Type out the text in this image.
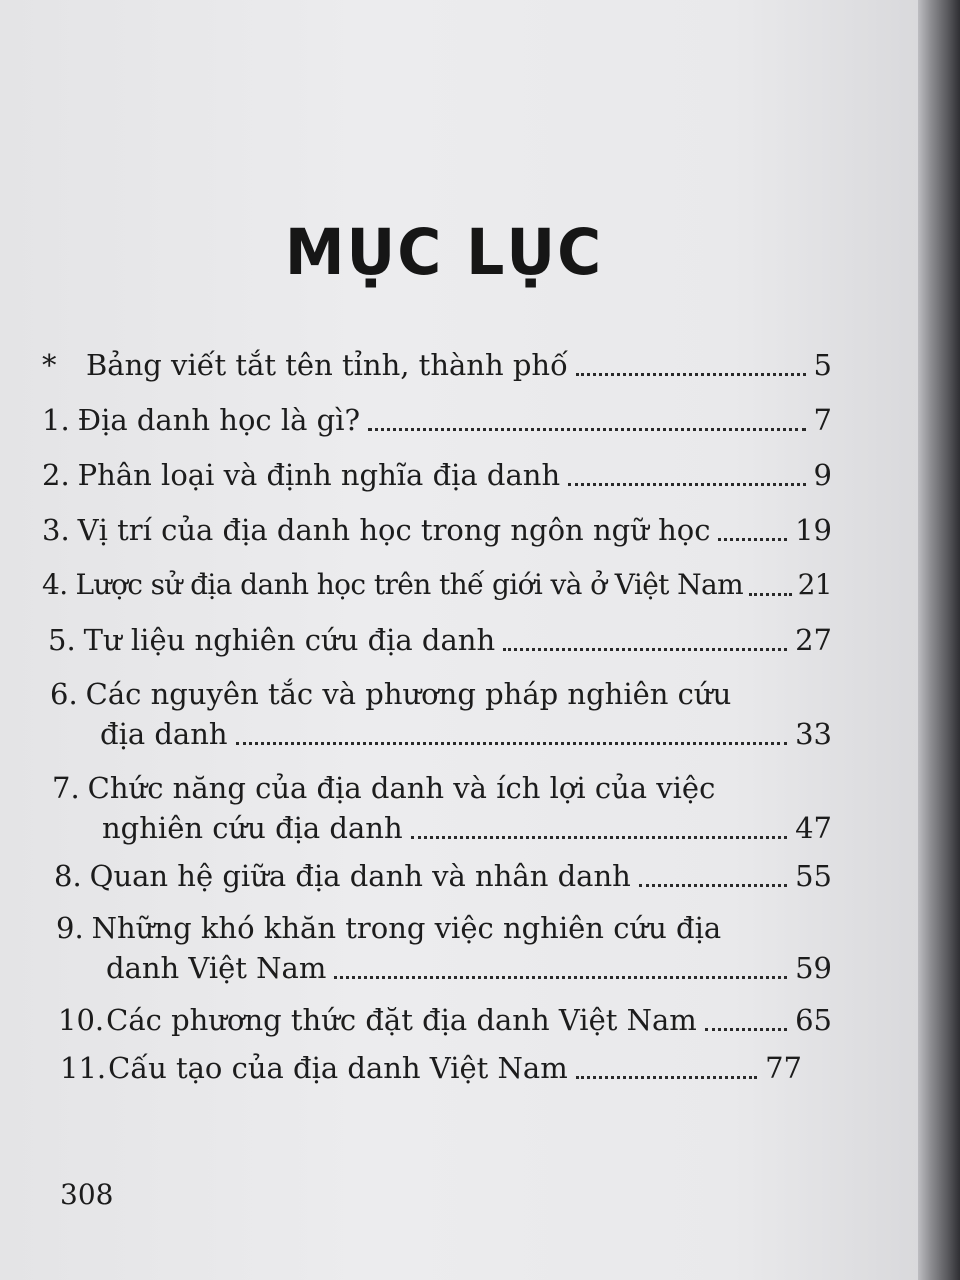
MỤC LỤC
*	Bảng viết tắt tên tỉnh, thành phố	5
1. Địa danh học là gì?	7
2. Phân loại và định nghĩa địa danh	9
3. Vị trí của địa danh học trong ngôn ngữ học	19
4. Lược sử địa danh học trên thế giới và ở Việt Nam 21
5. Tư liệu nghiên cứu địa danh	27
6. Các nguyên tắc và phương pháp nghiên cứu
địa danh	33
7. Chức năng của địa danh và ích lợi của việc
nghiên cứu địa danh	47
8. Quan hệ giữa địa danh và nhân danh	55
9. Những khó khăn trong việc nghiên cứu địa
danh Việt Nam	59
10. Các phương thức đặt địa danh Việt Nam	65
11. Cấu tạo của địa danh Việt Nam	77
308
